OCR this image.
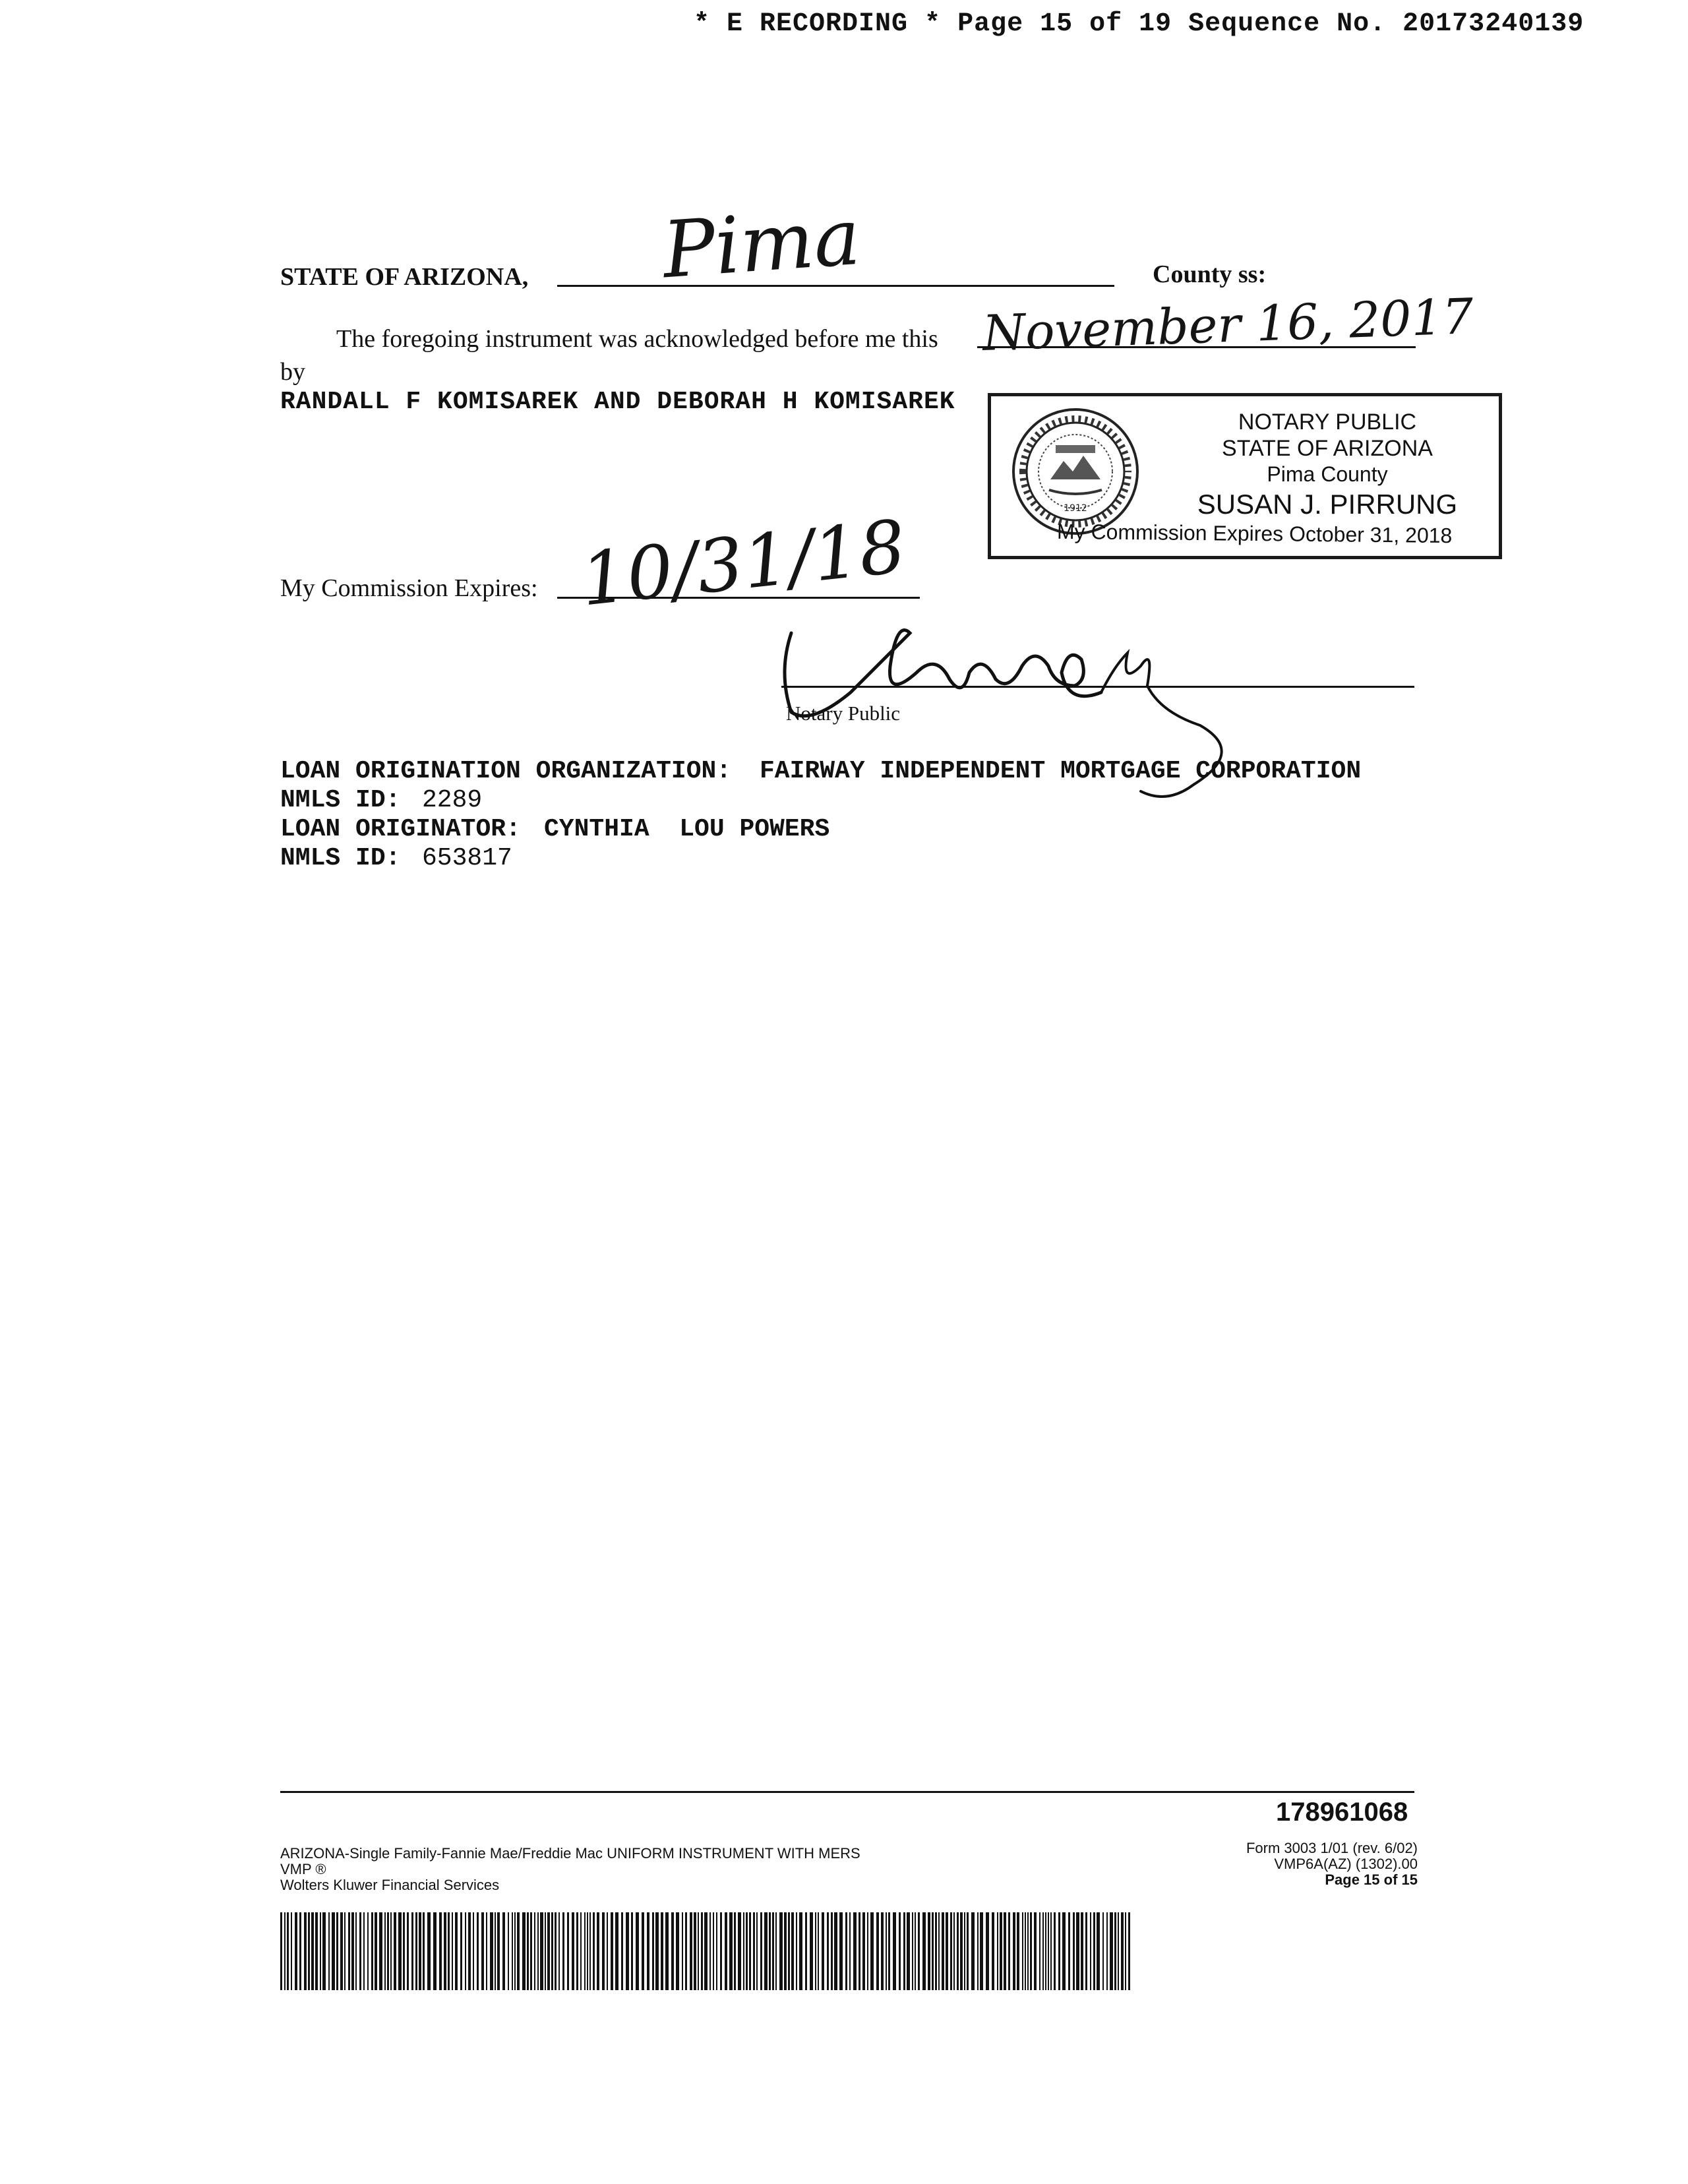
* E RECORDING * Page 15 of 19 Sequence No. 20173240139
STATE OF ARIZONA, Pima	County ss:
The foregoing instrument was acknowledged before me this November 16, 2017
by
RANDALL F KOMISAREK AND DEBORAH H KOMISAREK
1912
NOTARY PUBLIC
STATE OF ARIZONA
Pima County
SUSAN J. PIRRUNG
My Commission Expires October 31, 2018
My Commission Expires: 10/31/18
Notary Public
LOAN ORIGINATION ORGANIZATION: FAIRWAY INDEPENDENT MORTGAGE CORPORATION
NMLS ID: 2289
LOAN ORIGINATOR: CYNTHIA  LOU POWERS
NMLS ID: 653817
178961068
ARIZONA-Single Family-Fannie Mae/Freddie Mac UNIFORM INSTRUMENT WITH MERS
VMP ®
Wolters Kluwer Financial Services
Form 3003 1/01 (rev. 6/02)
VMP6A(AZ) (1302).00
Page 15 of 15
